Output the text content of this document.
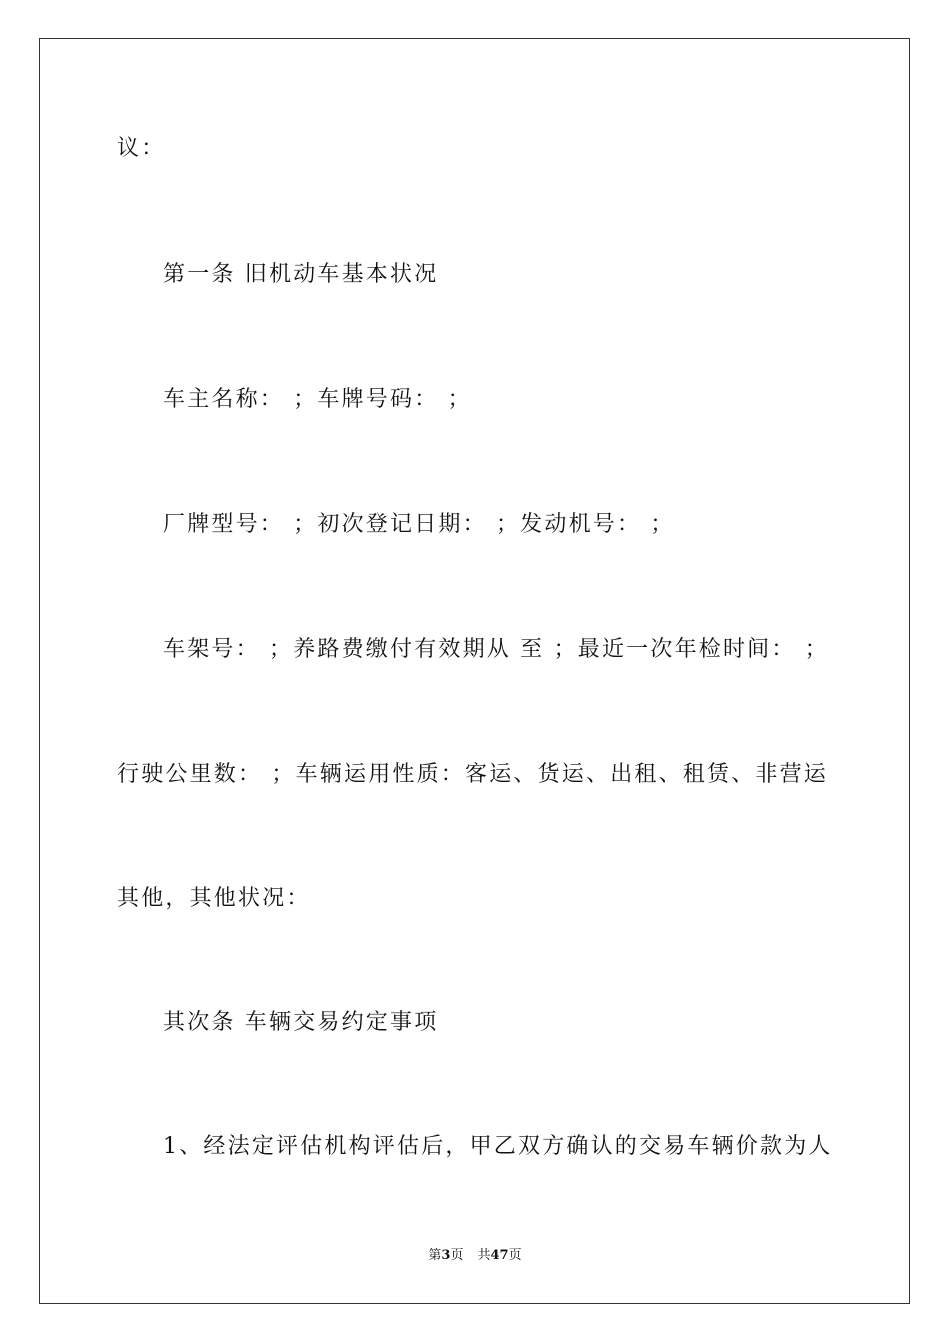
议：
第一条 旧机动车基本状况
车主名称： ；车牌号码： ；
厂牌型号： ；初次登记日期： ；发动机号： ；
车架号： ；养路费缴付有效期从 至 ；最近一次年检时间： ；
行驶公里数： ；车辆运用性质：客运、货运、出租、租赁、非营运
其他，其他状况：
其次条 车辆交易约定事项
1、经法定评估机构评估后，甲乙双方确认的交易车辆价款为人
第3页 共47页
